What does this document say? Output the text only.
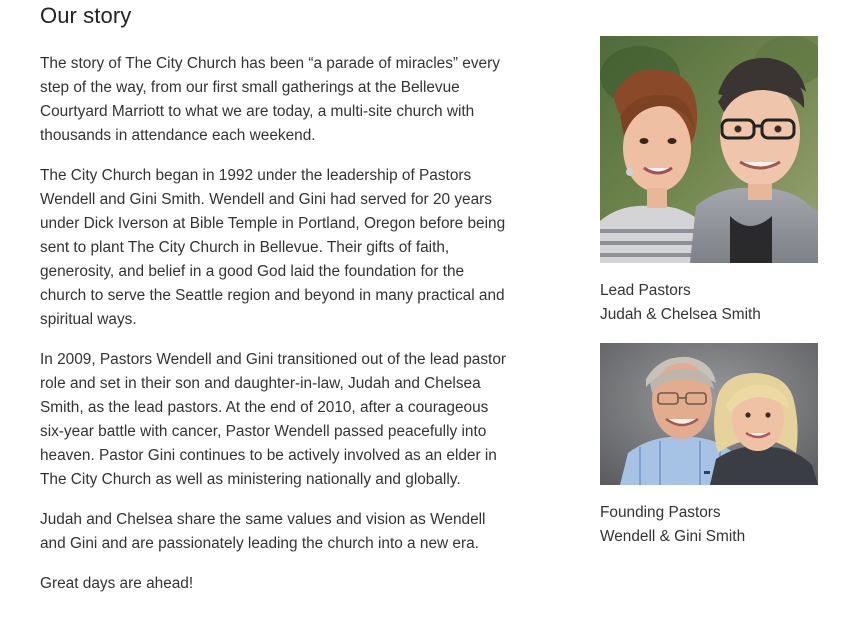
Our story

The story of The City Church has been “a parade of miracles” every step of the way, from our first small gatherings at the Bellevue Courtyard Marriott to what we are today, a multi-site church with thousands in attendance each weekend.

The City Church began in 1992 under the leadership of Pastors Wendell and Gini Smith. Wendell and Gini had served for 20 years under Dick Iverson at Bible Temple in Portland, Oregon before being sent to plant The City Church in Bellevue. Their gifts of faith, generosity, and belief in a good God laid the foundation for the church to serve the Seattle region and beyond in many practical and spiritual ways.

In 2009, Pastors Wendell and Gini transitioned out of the lead pastor role and set in their son and daughter-in-law, Judah and Chelsea Smith, as the lead pastors. At the end of 2010, after a courageous six-year battle with cancer, Pastor Wendell passed peacefully into heaven. Pastor Gini continues to be actively involved as an elder in The City Church as well as ministering nationally and globally.

Judah and Chelsea share the same values and vision as Wendell and Gini and are passionately leading the church into a new era.

Great days are ahead!

Lead Pastors
Judah & Chelsea Smith
Founding Pastors
Wendell & Gini Smith
